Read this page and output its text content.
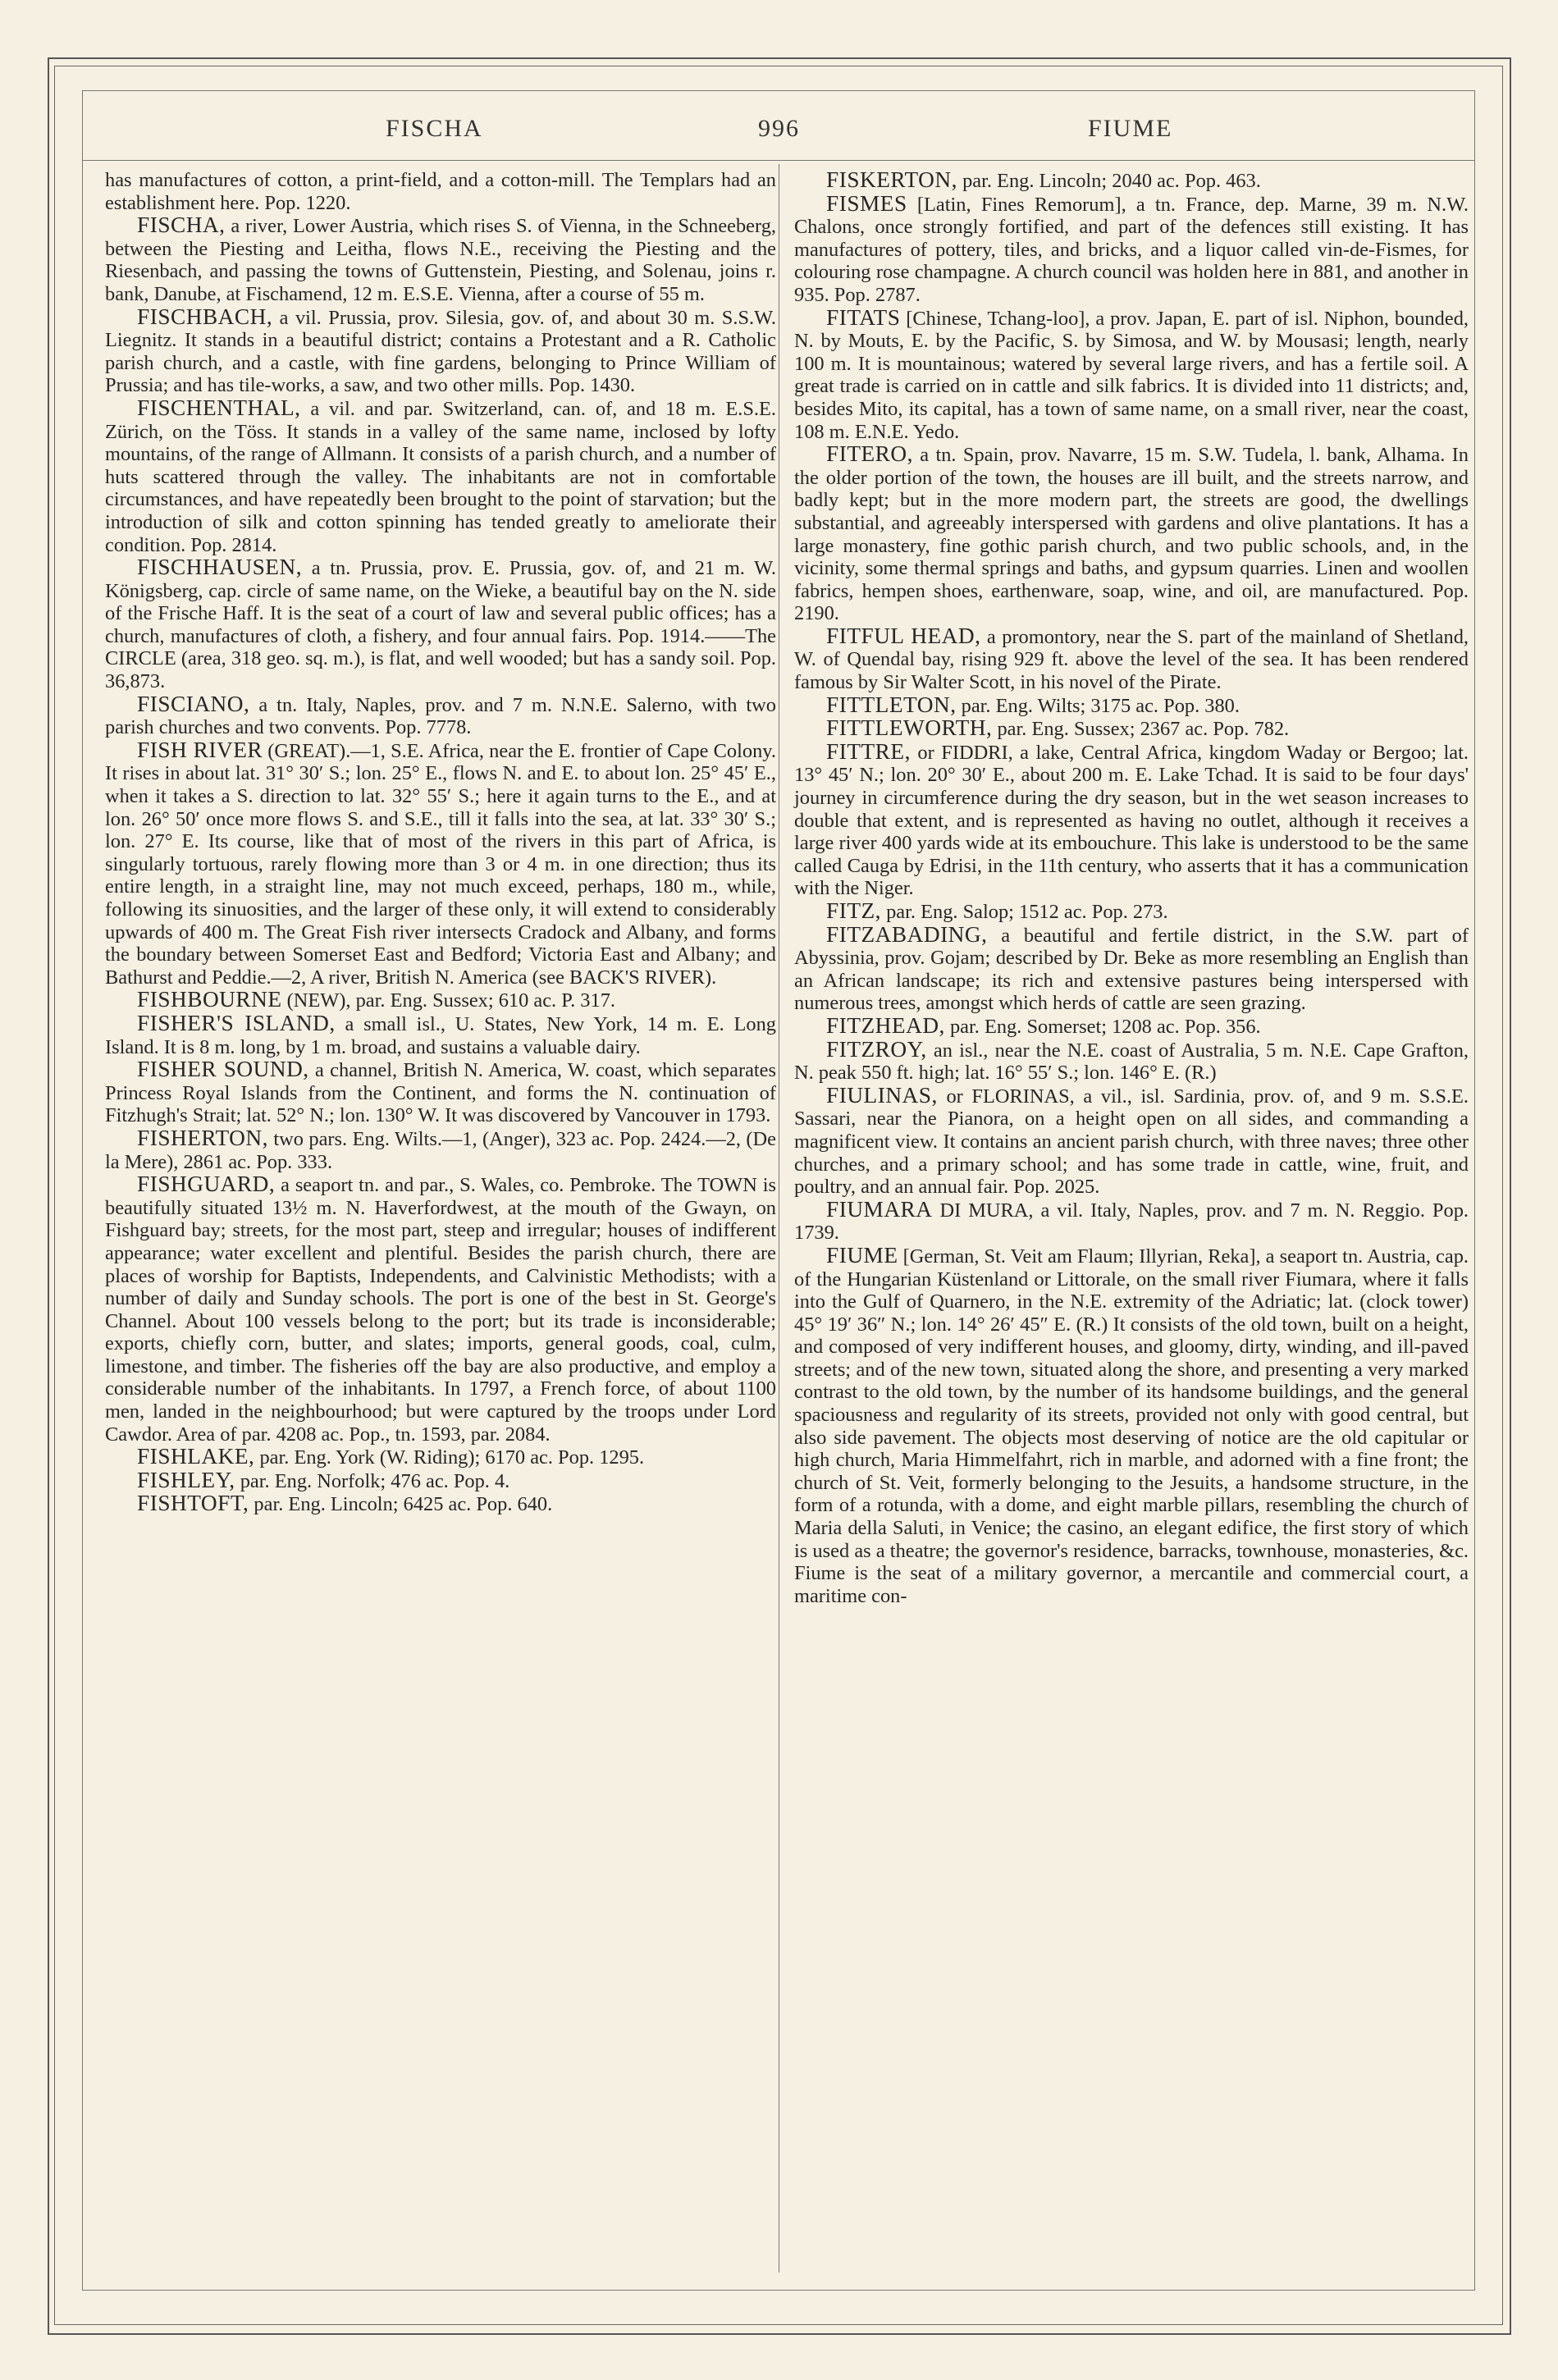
FISCHA	996	FIUME

has manufactures of cotton, a print-field, and a cotton-mill. The Templars had an establishment here. Pop. 1220.

FISCHA, a river, Lower Austria, which rises S. of Vienna, in the Schneeberg, between the Piesting and Leitha, flows N.E., receiving the Piesting and the Riesenbach, and passing the towns of Guttenstein, Piesting, and Solenau, joins r. bank, Danube, at Fischamend, 12 m. E.S.E. Vienna, after a course of 55 m.

FISCHBACH, a vil. Prussia, prov. Silesia, gov. of, and about 30 m. S.S.W. Liegnitz. It stands in a beautiful district; contains a Protestant and a R. Catholic parish church, and a castle, with fine gardens, belonging to Prince William of Prussia; and has tile-works, a saw, and two other mills. Pop. 1430.

FISCHENTHAL, a vil. and par. Switzerland, can. of, and 18 m. E.S.E. Zürich, on the Töss. It stands in a valley of the same name, inclosed by lofty mountains, of the range of Allmann. It consists of a parish church, and a number of huts scattered through the valley. The inhabitants are not in comfortable circumstances, and have repeatedly been brought to the point of starvation; but the introduction of silk and cotton spinning has tended greatly to ameliorate their condition. Pop. 2814.

FISCHHAUSEN, a tn. Prussia, prov. E. Prussia, gov. of, and 21 m. W. Königsberg, cap. circle of same name, on the Wieke, a beautiful bay on the N. side of the Frische Haff. It is the seat of a court of law and several public offices; has a church, manufactures of cloth, a fishery, and four annual fairs. Pop. 1914.——The CIRCLE (area, 318 geo. sq. m.), is flat, and well wooded; but has a sandy soil. Pop. 36,873.

FISCIANO, a tn. Italy, Naples, prov. and 7 m. N.N.E. Salerno, with two parish churches and two convents. Pop. 7778.

FISH RIVER (GREAT).—1, S.E. Africa, near the E. frontier of Cape Colony. It rises in about lat. 31° 30′ S.; lon. 25° E., flows N. and E. to about lon. 25° 45′ E., when it takes a S. direction to lat. 32° 55′ S.; here it again turns to the E., and at lon. 26° 50′ once more flows S. and S.E., till it falls into the sea, at lat. 33° 30′ S.; lon. 27° E. Its course, like that of most of the rivers in this part of Africa, is singularly tortuous, rarely flowing more than 3 or 4 m. in one direction; thus its entire length, in a straight line, may not much exceed, perhaps, 180 m., while, following its sinuosities, and the larger of these only, it will extend to considerably upwards of 400 m. The Great Fish river intersects Cradock and Albany, and forms the boundary between Somerset East and Bedford; Victoria East and Albany; and Bathurst and Peddie.—2, A river, British N. America (see BACK'S RIVER).

FISHBOURNE (NEW), par. Eng. Sussex; 610 ac. P. 317.

FISHER'S ISLAND, a small isl., U. States, New York, 14 m. E. Long Island. It is 8 m. long, by 1 m. broad, and sustains a valuable dairy.

FISHER SOUND, a channel, British N. America, W. coast, which separates Princess Royal Islands from the Continent, and forms the N. continuation of Fitzhugh's Strait; lat. 52° N.; lon. 130° W. It was discovered by Vancouver in 1793.

FISHERTON, two pars. Eng. Wilts.—1, (Anger), 323 ac. Pop. 2424.—2, (De la Mere), 2861 ac. Pop. 333.

FISHGUARD, a seaport tn. and par., S. Wales, co. Pembroke. The TOWN is beautifully situated 13½ m. N. Haverfordwest, at the mouth of the Gwayn, on Fishguard bay; streets, for the most part, steep and irregular; houses of indifferent appearance; water excellent and plentiful. Besides the parish church, there are places of worship for Baptists, Independents, and Calvinistic Methodists; with a number of daily and Sunday schools. The port is one of the best in St. George's Channel. About 100 vessels belong to the port; but its trade is inconsiderable; exports, chiefly corn, butter, and slates; imports, general goods, coal, culm, limestone, and timber. The fisheries off the bay are also productive, and employ a considerable number of the inhabitants. In 1797, a French force, of about 1100 men, landed in the neighbourhood; but were captured by the troops under Lord Cawdor. Area of par. 4208 ac. Pop., tn. 1593, par. 2084.

FISHLAKE, par. Eng. York (W. Riding); 6170 ac. Pop. 1295.

FISHLEY, par. Eng. Norfolk; 476 ac. Pop. 4.

FISHTOFT, par. Eng. Lincoln; 6425 ac. Pop. 640.

FISKERTON, par. Eng. Lincoln; 2040 ac. Pop. 463.

FISMES [Latin, Fines Remorum], a tn. France, dep. Marne, 39 m. N.W. Chalons, once strongly fortified, and part of the defences still existing. It has manufactures of pottery, tiles, and bricks, and a liquor called vin-de-Fismes, for colouring rose champagne. A church council was holden here in 881, and another in 935. Pop. 2787.

FITATS [Chinese, Tchang-loo], a prov. Japan, E. part of isl. Niphon, bounded, N. by Mouts, E. by the Pacific, S. by Simosa, and W. by Mousasi; length, nearly 100 m. It is mountainous; watered by several large rivers, and has a fertile soil. A great trade is carried on in cattle and silk fabrics. It is divided into 11 districts; and, besides Mito, its capital, has a town of same name, on a small river, near the coast, 108 m. E.N.E. Yedo.

FITERO, a tn. Spain, prov. Navarre, 15 m. S.W. Tudela, l. bank, Alhama. In the older portion of the town, the houses are ill built, and the streets narrow, and badly kept; but in the more modern part, the streets are good, the dwellings substantial, and agreeably interspersed with gardens and olive plantations. It has a large monastery, fine gothic parish church, and two public schools, and, in the vicinity, some thermal springs and baths, and gypsum quarries. Linen and woollen fabrics, hempen shoes, earthenware, soap, wine, and oil, are manufactured. Pop. 2190.

FITFUL HEAD, a promontory, near the S. part of the mainland of Shetland, W. of Quendal bay, rising 929 ft. above the level of the sea. It has been rendered famous by Sir Walter Scott, in his novel of the Pirate.

FITTLETON, par. Eng. Wilts; 3175 ac. Pop. 380.

FITTLEWORTH, par. Eng. Sussex; 2367 ac. Pop. 782.

FITTRE, or FIDDRI, a lake, Central Africa, kingdom Waday or Bergoo; lat. 13° 45′ N.; lon. 20° 30′ E., about 200 m. E. Lake Tchad. It is said to be four days' journey in circumference during the dry season, but in the wet season increases to double that extent, and is represented as having no outlet, although it receives a large river 400 yards wide at its embouchure. This lake is understood to be the same called Cauga by Edrisi, in the 11th century, who asserts that it has a communication with the Niger.

FITZ, par. Eng. Salop; 1512 ac. Pop. 273.

FITZABADING, a beautiful and fertile district, in the S.W. part of Abyssinia, prov. Gojam; described by Dr. Beke as more resembling an English than an African landscape; its rich and extensive pastures being interspersed with numerous trees, amongst which herds of cattle are seen grazing.

FITZHEAD, par. Eng. Somerset; 1208 ac. Pop. 356.

FITZROY, an isl., near the N.E. coast of Australia, 5 m. N.E. Cape Grafton, N. peak 550 ft. high; lat. 16° 55′ S.; lon. 146° E. (R.)

FIULINAS, or FLORINAS, a vil., isl. Sardinia, prov. of, and 9 m. S.S.E. Sassari, near the Pianora, on a height open on all sides, and commanding a magnificent view. It contains an ancient parish church, with three naves; three other churches, and a primary school; and has some trade in cattle, wine, fruit, and poultry, and an annual fair. Pop. 2025.

FIUMARA DI MURA, a vil. Italy, Naples, prov. and 7 m. N. Reggio. Pop. 1739.

FIUME [German, St. Veit am Flaum; Illyrian, Reka], a seaport tn. Austria, cap. of the Hungarian Küstenland or Littorale, on the small river Fiumara, where it falls into the Gulf of Quarnero, in the N.E. extremity of the Adriatic; lat. (clock tower) 45° 19′ 36″ N.; lon. 14° 26′ 45″ E. (R.) It consists of the old town, built on a height, and composed of very indifferent houses, and gloomy, dirty, winding, and ill-paved streets; and of the new town, situated along the shore, and presenting a very marked contrast to the old town, by the number of its handsome buildings, and the general spaciousness and regularity of its streets, provided not only with good central, but also side pavement. The objects most deserving of notice are the old capitular or high church, Maria Himmelfahrt, rich in marble, and adorned with a fine front; the church of St. Veit, formerly belonging to the Jesuits, a handsome structure, in the form of a rotunda, with a dome, and eight marble pillars, resembling the church of Maria della Saluti, in Venice; the casino, an elegant edifice, the first story of which is used as a theatre; the governor's residence, barracks, townhouse, monasteries, &c. Fiume is the seat of a military governor, a mercantile and commercial court, a maritime con-
